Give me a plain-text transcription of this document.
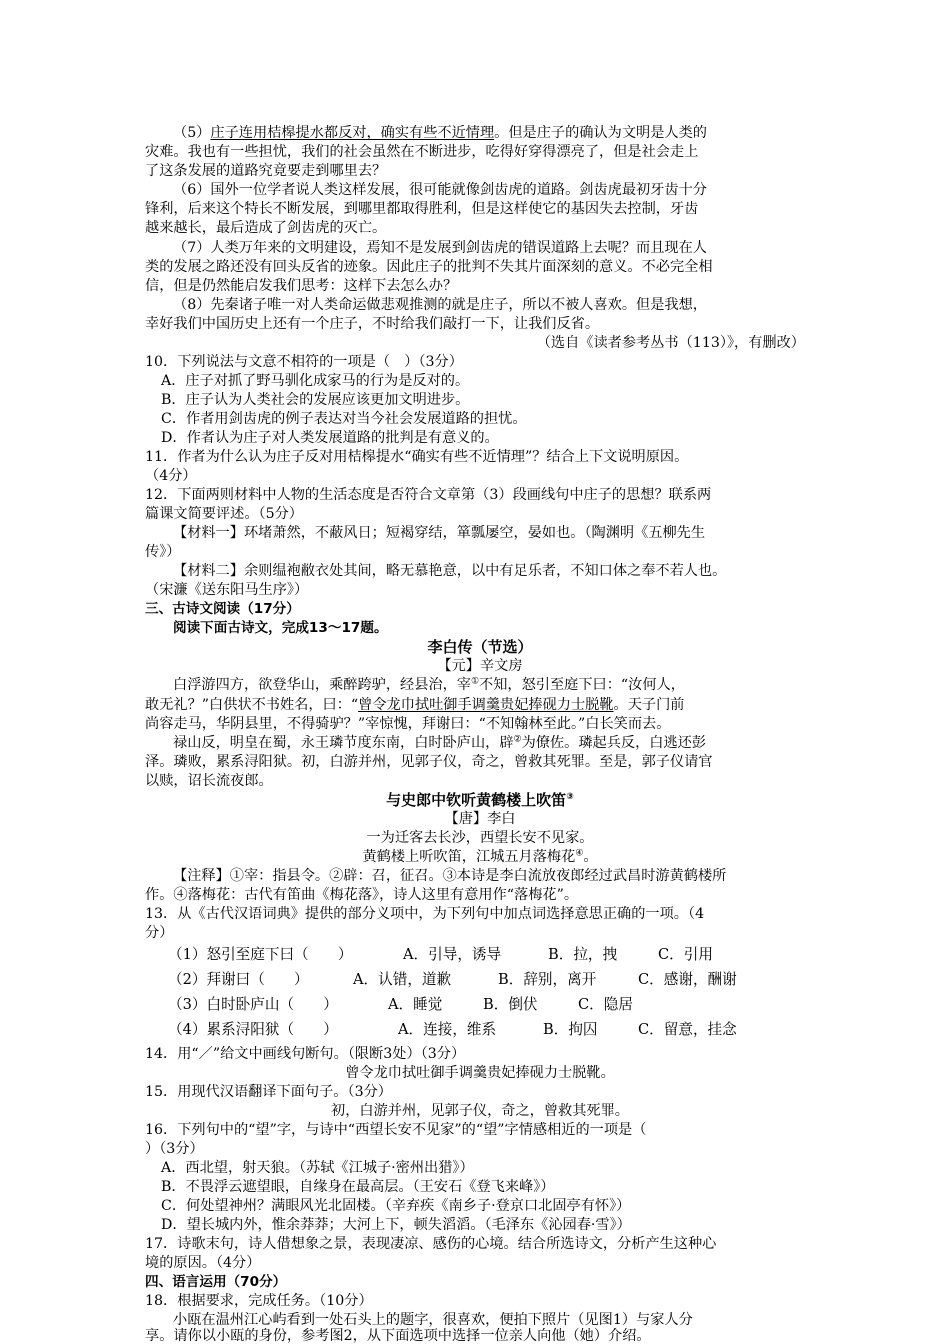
（5）庄子连用桔槔提水都反对，确实有些不近情理。但是庄子的确认为文明是人类的
灾难。我也有一些担忧，我们的社会虽然在不断进步，吃得好穿得漂亮了，但是社会走上
了这条发展的道路究竟要走到哪里去？
（6）国外一位学者说人类这样发展，很可能就像剑齿虎的道路。剑齿虎最初牙齿十分
锋利，后来这个特长不断发展，到哪里都取得胜利，但是这样使它的基因失去控制，牙齿
越来越长，最后造成了剑齿虎的灭亡。
（7）人类万年来的文明建设，焉知不是发展到剑齿虎的错误道路上去呢？而且现在人
类的发展之路还没有回头反省的迹象。因此庄子的批判不失其片面深刻的意义。不必完全相
信，但是仍然能启发我们思考：这样下去怎么办？
（8）先秦诸子唯一对人类命运做悲观推测的就是庄子，所以不被人喜欢。但是我想，
幸好我们中国历史上还有一个庄子，不时给我们敲打一下，让我们反省。
（选自《读者参考丛书（113）》，有删改）
10．下列说法与文意不相符的一项是（　）（3分）
A．庄子对抓了野马驯化成家马的行为是反对的。
B．庄子认为人类社会的发展应该更加文明进步。
C．作者用剑齿虎的例子表达对当今社会发展道路的担忧。
D．作者认为庄子对人类发展道路的批判是有意义的。
11．作者为什么认为庄子反对用桔槔提水“确实有些不近情理”？结合上下文说明原因。
（4分）
12．下面两则材料中人物的生活态度是否符合文章第（3）段画线句中庄子的思想？联系两
篇课文简要评述。（5分）
【材料一】环堵萧然，不蔽风日；短褐穿结，箪瓢屡空，晏如也。（陶渊明《五柳先生
传》）
【材料二】余则缊袍敝衣处其间，略无慕艳意，以中有足乐者，不知口体之奉不若人也。
（宋濂《送东阳马生序》）
三、古诗文阅读（17分）
阅读下面古诗文，完成13～17题。
李白传（节选）
【元】辛文房
白浮游四方，欲登华山，乘醉跨驴，经县治，宰①不知，怒引至庭下曰：“汝何人，
敢无礼？”白供状不书姓名，曰：“曾令龙巾拭吐御手调羹贵妃捧砚力士脱靴。天子门前
尚容走马，华阴县里，不得骑驴？”宰惊愧，拜谢曰：“不知翰林至此。”白长笑而去。
禄山反，明皇在蜀，永王璘节度东南，白时卧庐山，辟②为僚佐。璘起兵反，白逃还彭
泽。璘败，累系浔阳狱。初，白游并州，见郭子仪，奇之，曾救其死罪。至是，郭子仪请官
以赎，诏长流夜郎。
与史郎中钦听黄鹤楼上吹笛③
【唐】李白
一为迁客去长沙，西望长安不见家。
黄鹤楼上听吹笛，江城五月落梅花④。
【注释】①宰：指县令。②辟：召，征召。③本诗是李白流放夜郎经过武昌时游黄鹤楼所
作。④落梅花：古代有笛曲《梅花落》，诗人这里有意用作“落梅花”。
13．从《古代汉语词典》提供的部分义项中，为下列句中加点词选择意思正确的一项。（4
分）
（1）怒引至庭下曰（　　）	A．引导，诱导	B．拉，拽	C．引用
（2）拜谢曰（　　）	A．认错，道歉	B．辞别，离开	C．感谢，酬谢
（3）白时卧庐山（　　）	A．睡觉	B．倒伏	C．隐居
（4）累系浔阳狱（　　）	A．连接，维系	B．拘囚	C．留意，挂念
14．用“／”给文中画线句断句。（限断3处）（3分）
曾令龙巾拭吐御手调羹贵妃捧砚力士脱靴。
15．用现代汉语翻译下面句子。（3分）
初，白游并州，见郭子仪，奇之，曾救其死罪。
16．下列句中的“望”字，与诗中“西望长安不见家”的“望”字情感相近的一项是（
）（3分）
A．西北望，射天狼。（苏轼《江城子·密州出猎》）
B．不畏浮云遮望眼，自缘身在最高层。（王安石《登飞来峰》）
C．何处望神州？满眼风光北固楼。（辛弃疾《南乡子·登京口北固亭有怀》）
D．望长城内外，惟余莽莽；大河上下，顿失滔滔。（毛泽东《沁园春·雪》）
17．诗歌末句，诗人借想象之景，表现凄凉、感伤的心境。结合所选诗文，分析产生这种心
境的原因。（4分）
四、语言运用（70分）
18．根据要求，完成任务。（10分）
小瓯在温州江心屿看到一处石头上的题字，很喜欢，便拍下照片（见图1）与家人分
享。请你以小瓯的身份，参考图2，从下面选项中选择一位亲人向他（她）介绍。
